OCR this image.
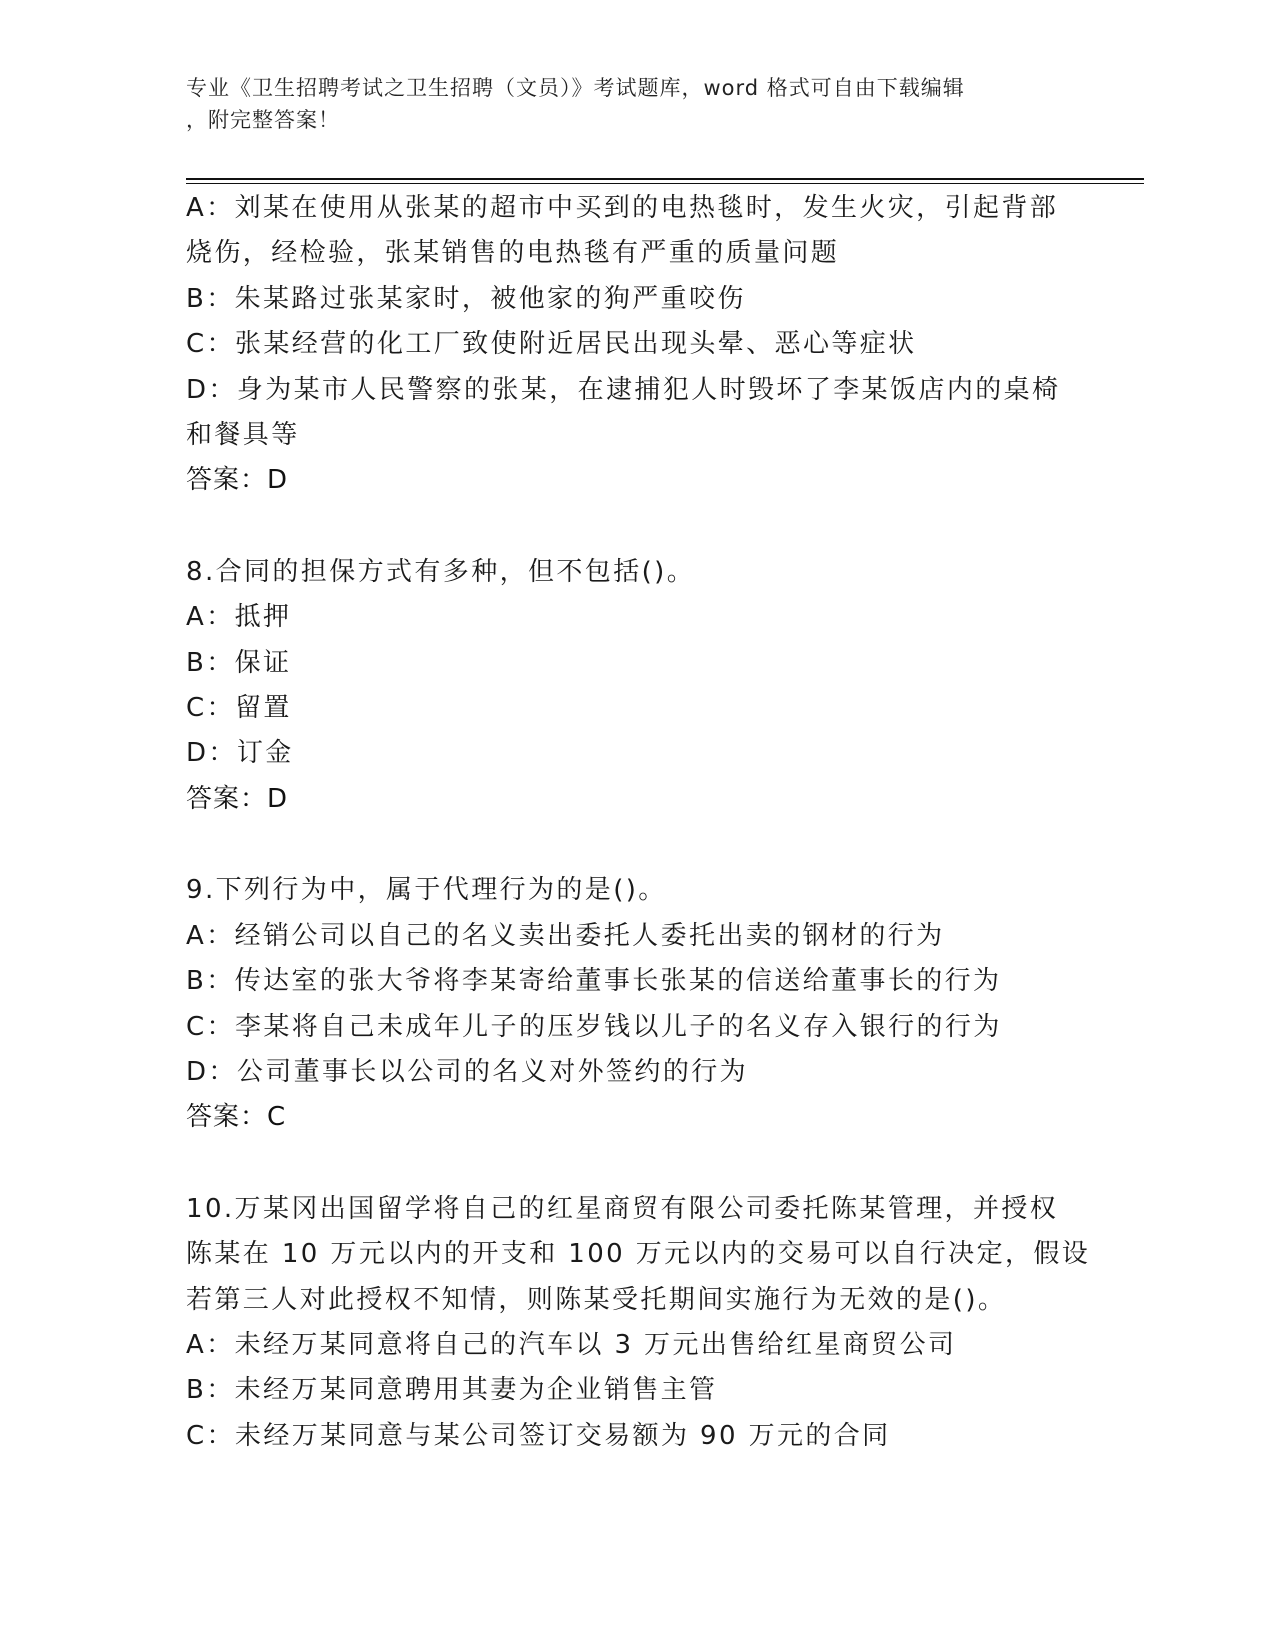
专业《卫生招聘考试之卫生招聘（文员）》考试题库，word 格式可自由下载编辑
，附完整答案！
A：刘某在使用从张某的超市中买到的电热毯时，发生火灾，引起背部
烧伤，经检验，张某销售的电热毯有严重的质量问题
B：朱某路过张某家时，被他家的狗严重咬伤
C：张某经营的化工厂致使附近居民出现头晕、恶心等症状
D：身为某市人民警察的张某，在逮捕犯人时毁坏了李某饭店内的桌椅
和餐具等
答案：D
8.合同的担保方式有多种，但不包括()。
A：抵押
B：保证
C：留置
D：订金
答案：D
9.下列行为中，属于代理行为的是()。
A：经销公司以自己的名义卖出委托人委托出卖的钢材的行为
B：传达室的张大爷将李某寄给董事长张某的信送给董事长的行为
C：李某将自己未成年儿子的压岁钱以儿子的名义存入银行的行为
D：公司董事长以公司的名义对外签约的行为
答案：C
10.万某冈出国留学将自己的红星商贸有限公司委托陈某管理，并授权
陈某在 10 万元以内的开支和 100 万元以内的交易可以自行决定，假设
若第三人对此授权不知情，则陈某受托期间实施行为无效的是()。
A：未经万某同意将自己的汽车以 3 万元出售给红星商贸公司
B：未经万某同意聘用其妻为企业销售主管
C：未经万某同意与某公司签订交易额为 90 万元的合同
